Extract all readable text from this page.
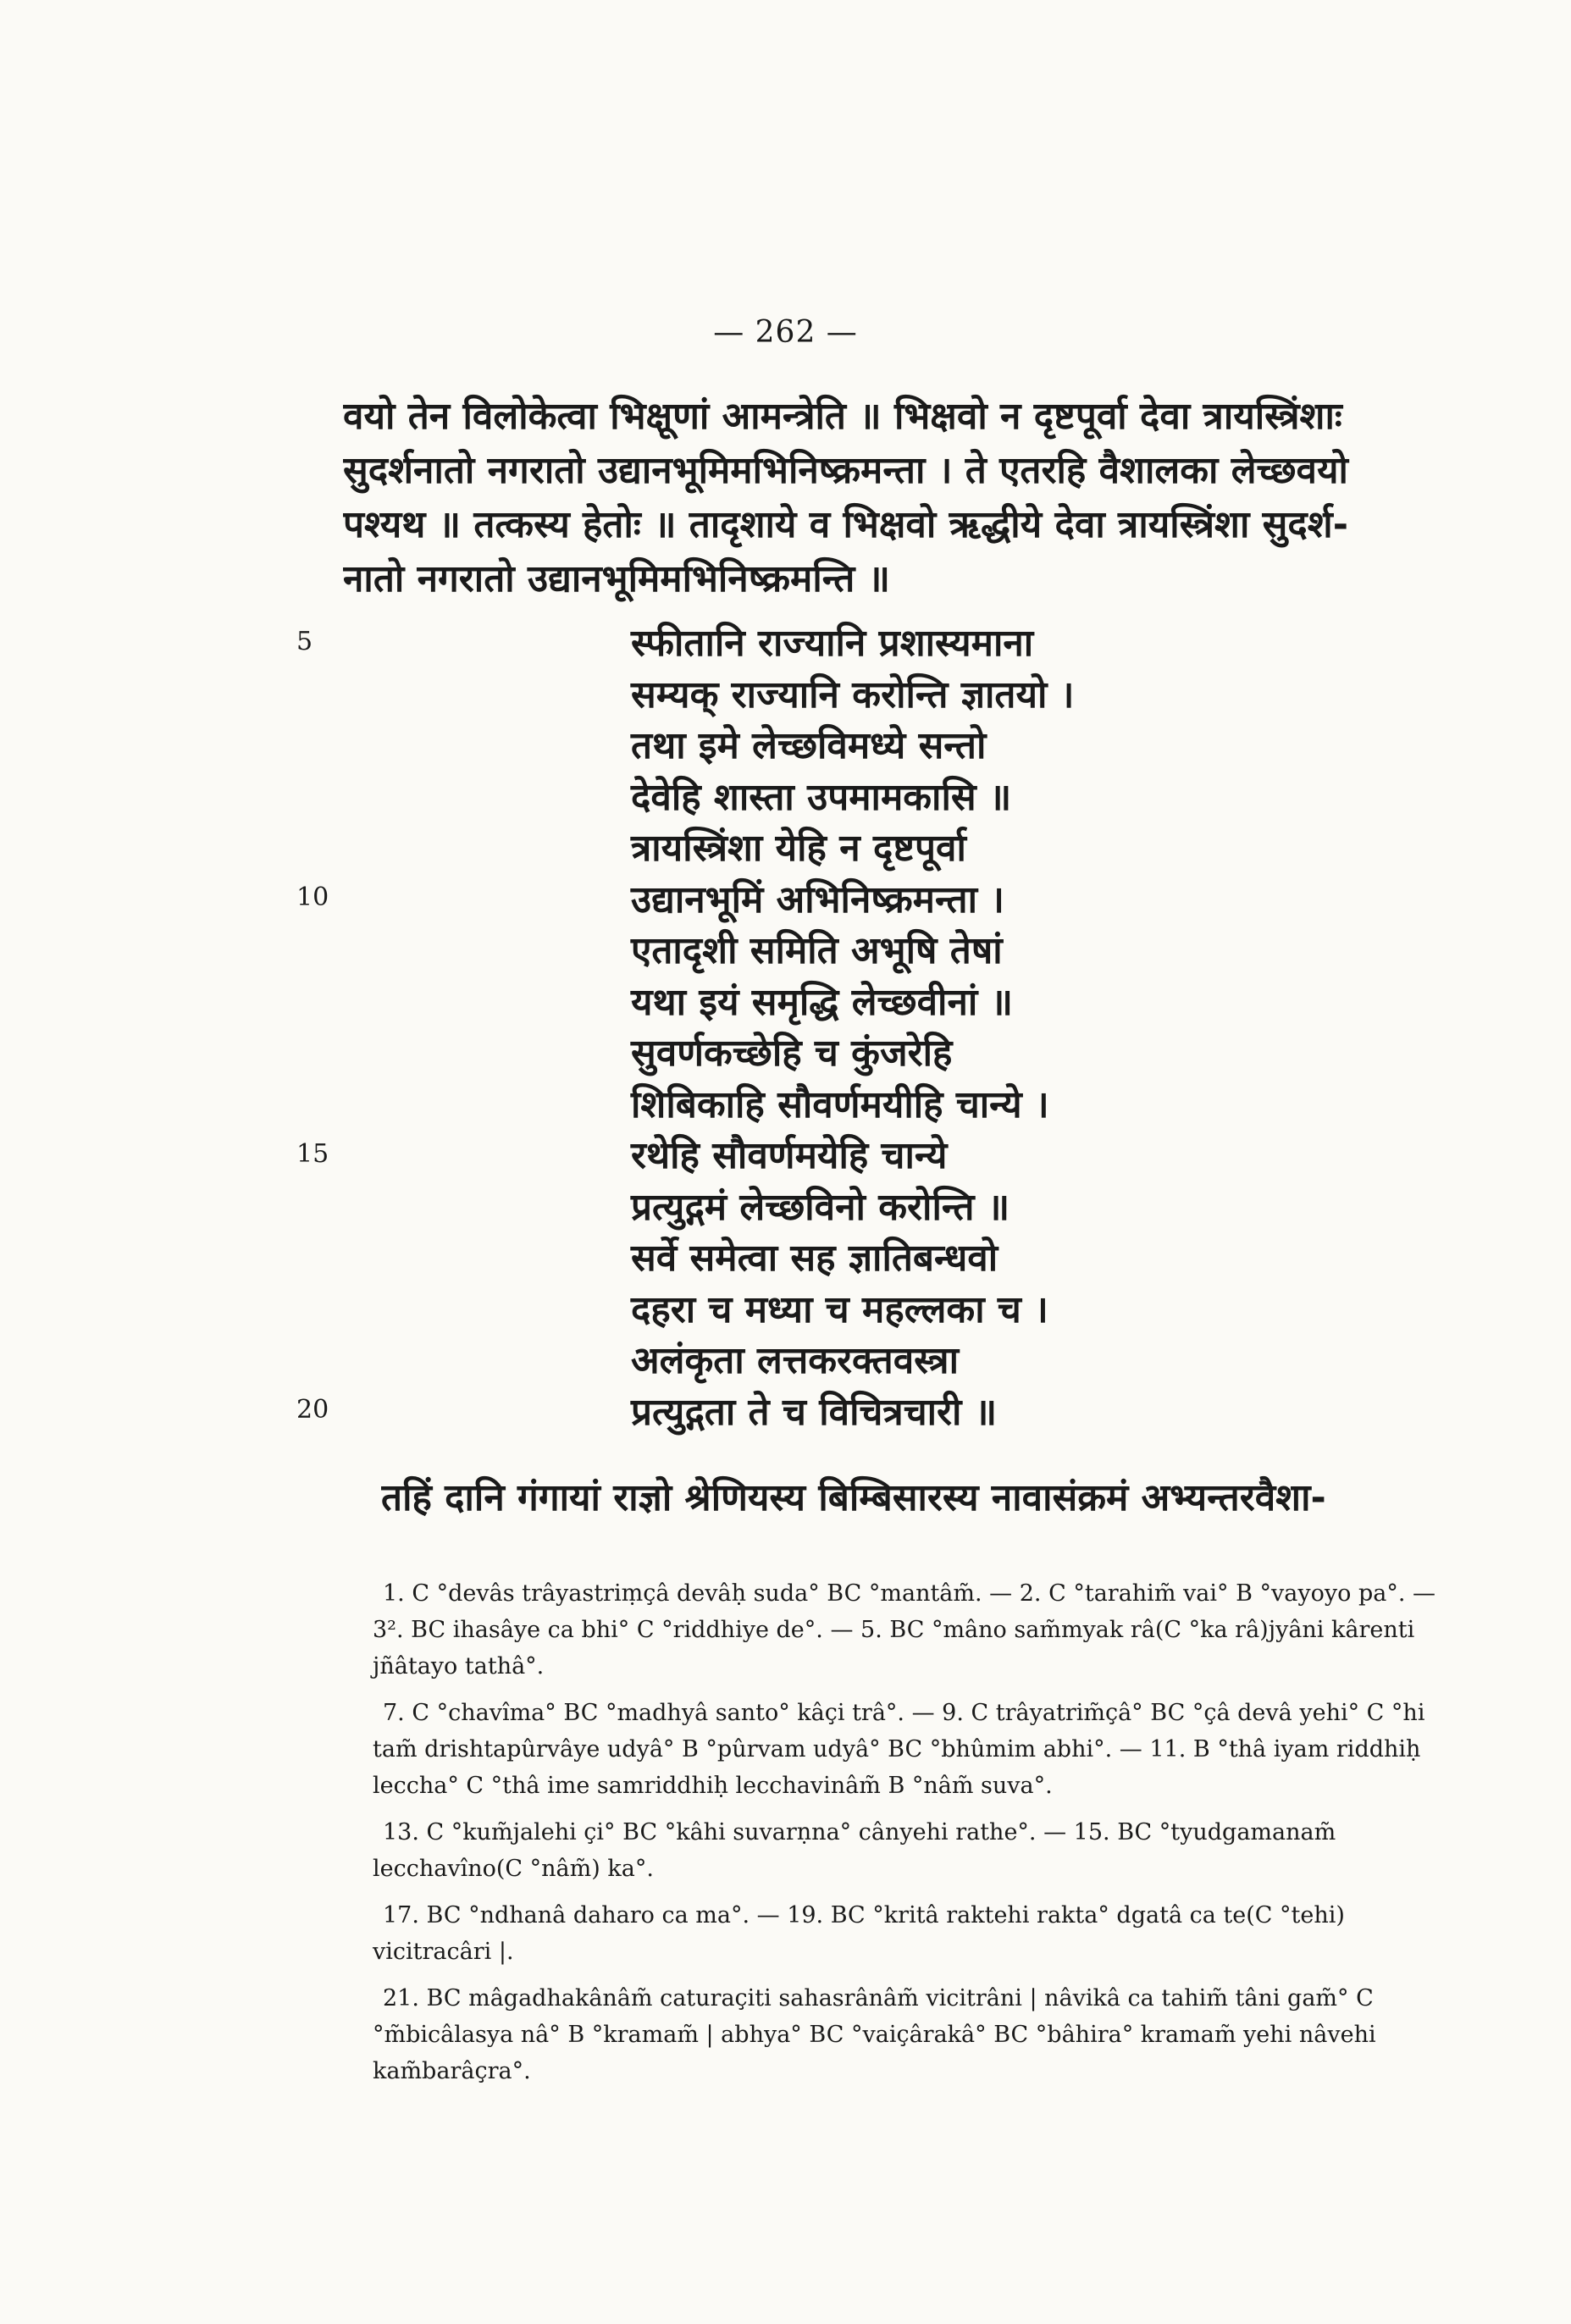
— 262 —
वयो तेन विलोकेत्वा भिक्षूणां आमन्त्रेति ॥ भिक्षवो न दृष्टपूर्वा देवा त्रायस्त्रिंशाः
सुदर्शनातो नगरातो उद्यानभूमिमभिनिष्क्रमन्ता । ते एतरहि वैशालका लेच्छवयो
पश्यथ ॥ तत्कस्य हेतोः ॥ तादृशाये व भिक्षवो ऋद्धीये देवा त्रायस्त्रिंशा सुदर्श-
नातो नगरातो उद्यानभूमिमभिनिष्क्रमन्ति ॥
5
10
15
20
स्फीतानि राज्यानि प्रशास्यमाना
सम्यक् राज्यानि करोन्ति ज्ञातयो ।
तथा इमे लेच्छविमध्ये सन्तो
देवेहि शास्ता उपमामकासि ॥
त्रायस्त्रिंशा येहि न दृष्टपूर्वा
उद्यानभूमिं अभिनिष्क्रमन्ता ।
एतादृशी समिति अभूषि तेषां
यथा इयं समृद्धि लेच्छवीनां ॥
सुवर्णकच्छेहि च कुंजरेहि
शिबिकाहि सौवर्णमयीहि चान्ये ।
रथेहि सौवर्णमयेहि चान्ये
प्रत्युद्गमं लेच्छविनो करोन्ति ॥
सर्वे समेत्वा सह ज्ञातिबन्धवो
दहरा च मध्या च महल्लका च ।
अलंकृता लत्तकरक्तवस्त्रा
प्रत्युद्गता ते च विचित्रचारी ॥
तहिं दानि गंगायां राज्ञो श्रेणियस्य बिम्बिसारस्य नावासंक्रमं अभ्यन्तरवैशा-

1. C °devâs trâyastriṃçâ devâḥ suda° BC °mantâm̃. — 2. C °tarahim̃ vai° B °vayoyo pa°. — 3². BC ihasâye ca bhi° C °riddhiye de°. — 5. BC °mâno sam̃myak râ(C °ka râ)jyâni kârenti jñâtayo tathâ°.

7. C °chavîma° BC °madhyâ santo° kâçi trâ°. — 9. C trâyatrim̃çâ° BC °çâ devâ yehi° C °hi tam̃ drishtapûrvâye udyâ° B °pûrvam udyâ° BC °bhûmim abhi°. — 11. B °thâ iyam riddhiḥ leccha° C °thâ ime samriddhiḥ lecchavinâm̃ B °nâm̃ suva°.

13. C °kum̃jalehi çi° BC °kâhi suvarṇna° cânyehi rathe°. — 15. BC °tyudgamanam̃ lecchavîno(C °nâm̃) ka°.

17. BC °ndhanâ daharo ca ma°. — 19. BC °kritâ raktehi rakta° dgatâ ca te(C °tehi) vicitracâri |.

21. BC mâgadhakânâm̃ caturaçiti sahasrânâm̃ vicitrâni | nâvikâ ca tahim̃ tâni gam̃° C °m̃bicâlasya nâ° B °kramam̃ | abhya° BC °vaiçârakâ° BC °bâhira° kramam̃ yehi nâvehi kam̃barâçra°.
